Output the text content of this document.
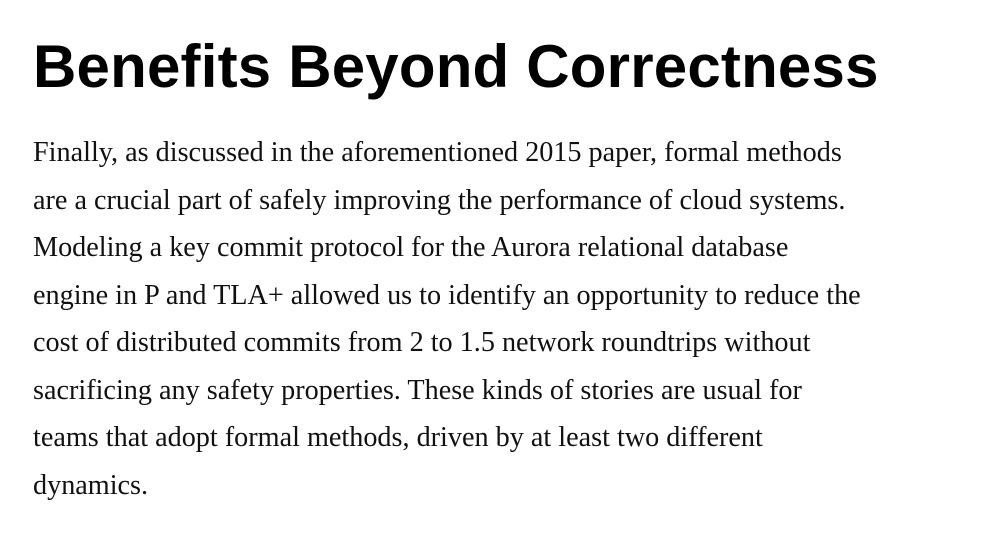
Benefits Beyond Correctness

Finally, as discussed in the aforementioned 2015 paper, formal methods
are a crucial part of safely improving the performance of cloud systems.
Modeling a key commit protocol for the Aurora relational database
engine in P and TLA+ allowed us to identify an opportunity to reduce the
cost of distributed commits from 2 to 1.5 network roundtrips without
sacrificing any safety properties. These kinds of stories are usual for
teams that adopt formal methods, driven by at least two different
dynamics.
